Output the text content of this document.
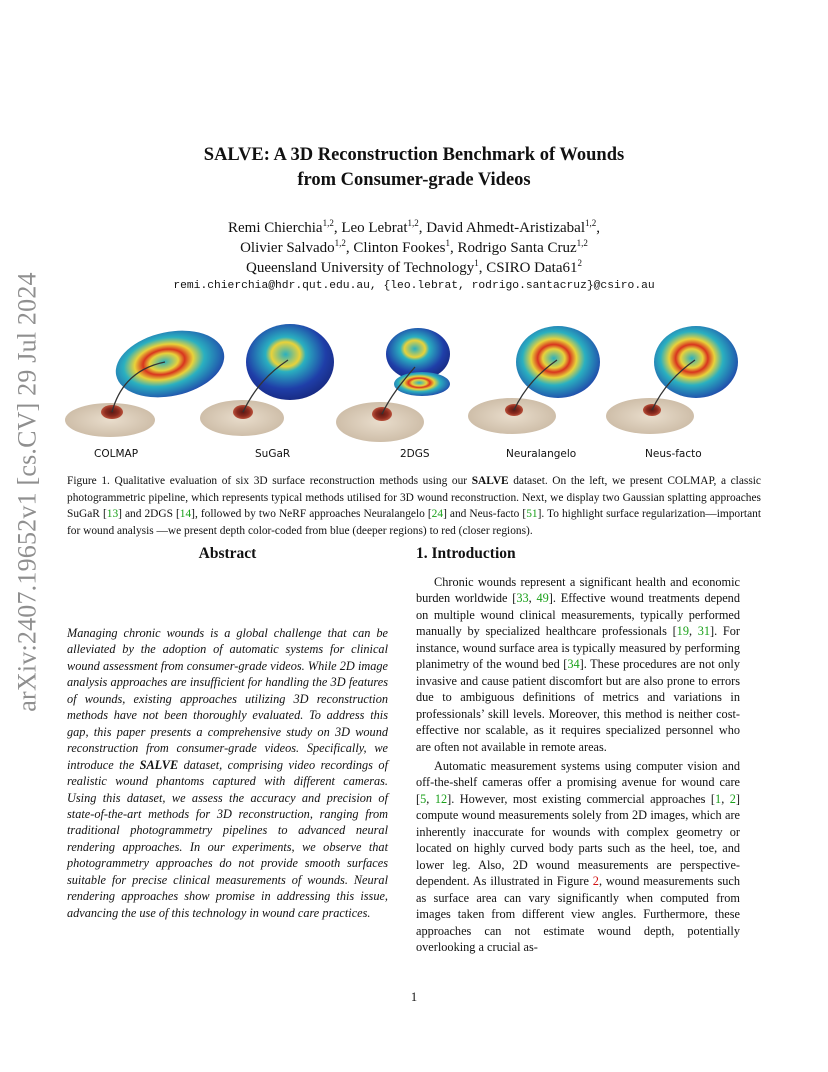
arXiv:2407.19652v1 [cs.CV] 29 Jul 2024
SALVE: A 3D Reconstruction Benchmark of Wounds
from Consumer-grade Videos
Remi Chierchia$^{1,2}$, Leo Lebrat$^{1,2}$, David Ahmedt-Aristizabal$^{1,2}$,
Olivier Salvado$^{1,2}$, Clinton Fookes$^1$, Rodrigo Santa Cruz$^{1,2}$
Queensland University of Technology$^1$, CSIRO $Data61^2$
remi.chierchia@hdr.qut.edu.au, {leo.lebrat, rodrigo.santacruz}@csiro.au
COLMAP	SuGaR	2DGS	Neuralangelo	Neus-facto
Figure 1. Qualitative evaluation of six 3D surface reconstruction methods using our SALVE dataset. On the left, we present COLMAP, a classic photogrammetric pipeline, which represents typical methods utilised for 3D wound reconstruction. Next, we display two Gaussian splatting approaches SuGaR [13] and 2DGS [14], followed by two NeRF approaches Neuralangelo [24] and Neus-facto [51]. To highlight surface regularization—important for wound analysis —we present depth color-coded from blue (deeper regions) to red (closer regions).
Abstract
Managing chronic wounds is a global challenge that can be alleviated by the adoption of automatic systems for clinical wound assessment from consumer-grade videos. While 2D image analysis approaches are insufficient for handling the 3D features of wounds, existing approaches utilizing 3D reconstruction methods have not been thoroughly evaluated. To address this gap, this paper presents a comprehensive study on 3D wound reconstruction from consumer-grade videos. Specifically, we introduce the SALVE dataset, comprising video recordings of realistic wound phantoms captured with different cameras. Using this dataset, we assess the accuracy and precision of state-of-the-art methods for 3D reconstruction, ranging from traditional photogrammetry pipelines to advanced neural rendering approaches. In our experiments, we observe that photogrammetry approaches do not provide smooth surfaces suitable for precise clinical measurements of wounds. Neural rendering approaches show promise in addressing this issue, advancing the use of this technology in wound care practices.
1. Introduction

Chronic wounds represent a significant health and economic burden worldwide [33, 49]. Effective wound treatments depend on multiple wound clinical measurements, typically performed manually by specialized healthcare professionals [19, 31]. For instance, wound surface area is typically measured by performing planimetry of the wound bed [34]. These procedures are not only invasive and cause patient discomfort but are also prone to errors due to ambiguous definitions of metrics and variations in professionals’ skill levels. Moreover, this method is neither cost-effective nor scalable, as it requires specialized personnel who are often not available in remote areas.

Automatic measurement systems using computer vision and off-the-shelf cameras offer a promising avenue for wound care [5, 12]. However, most existing commercial approaches [1, 2] compute wound measurements solely from 2D images, which are inherently inaccurate for wounds with complex geometry or located on highly curved body parts such as the heel, toe, and lower leg. Also, 2D wound measurements are perspective-dependent. As illustrated in Figure 2, wound measurements such as surface area can vary significantly when computed from images taken from different view angles. Furthermore, these approaches can not estimate wound depth, potentially overlooking a crucial as-

1
